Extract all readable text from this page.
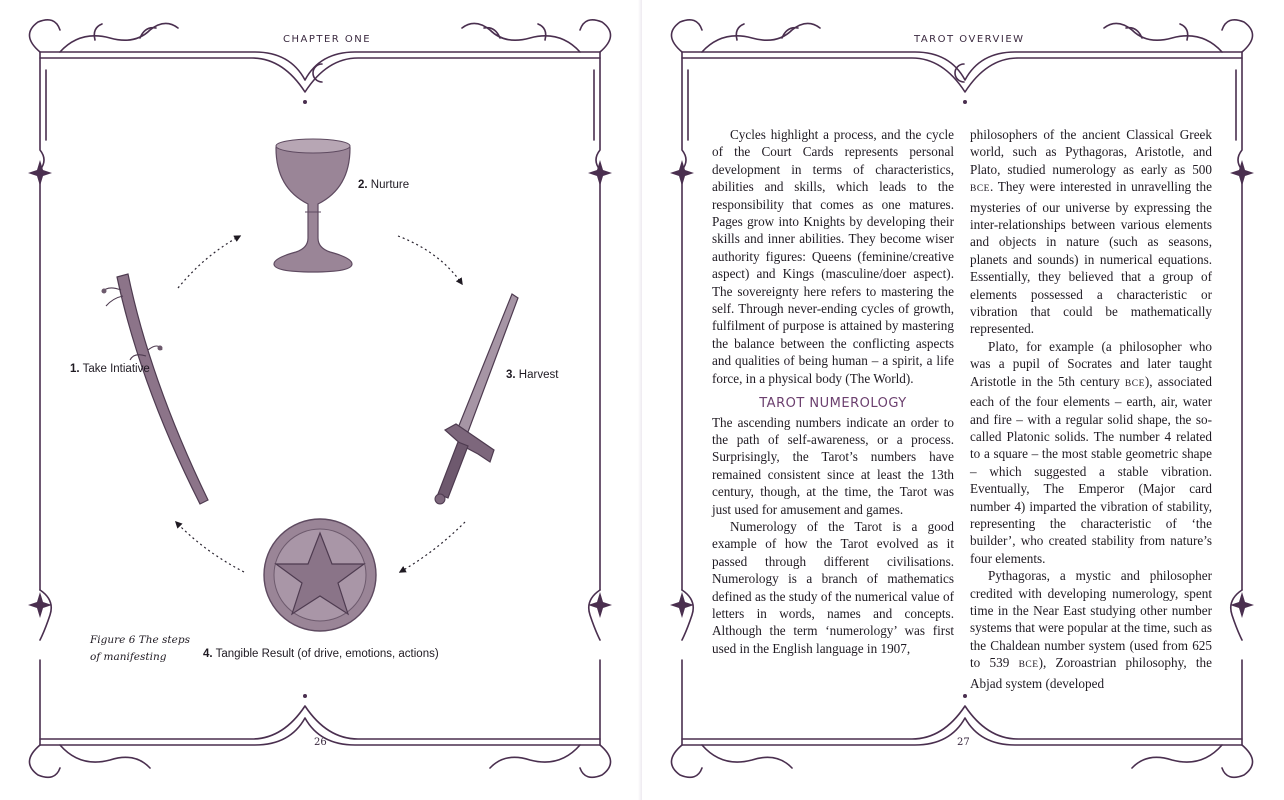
CHAPTER ONE
2. Nurture
1. Take Intiative	3. Harvest
4. Tangible Result (of drive, emotions, actions)
Figure 6 The steps
of manifesting
26
TAROT OVERVIEW

Cycles highlight a process, and the cycle of the Court Cards represents personal development in terms of characteristics, abilities and skills, which leads to the responsibility that comes as one matures. Pages grow into Knights by developing their skills and inner abilities. They become wiser authority figures: Queens (feminine/creative aspect) and Kings (masculine/doer aspect). The sovereignty here refers to mastering the self. Through never-ending cycles of growth, fulfilment of purpose is attained by mastering the balance between the conflicting aspects and qualities of being human – a spirit, a life force, in a physical body (The World).

TAROT NUMEROLOGY

The ascending numbers indicate an order to the path of self-awareness, or a process. Surprisingly, the Tarot’s numbers have remained consistent since at least the 13th century, though, at the time, the Tarot was just used for amusement and games.

Numerology of the Tarot is a good example of how the Tarot evolved as it passed through different civilisations. Numerology is a branch of mathematics defined as the study of the numerical value of letters in words, names and concepts. Although the term ‘numerology’ was first used in the English language in 1907,

philosophers of the ancient Classical Greek world, such as Pythagoras, Aristotle, and Plato, studied numerology as early as 500 BCE. They were interested in unravelling the mysteries of our universe by expressing the inter-relationships between various elements and objects in nature (such as seasons, planets and sounds) in numerical equations. Essentially, they believed that a group of elements possessed a characteristic or vibration that could be mathematically represented.

Plato, for example (a philosopher who was a pupil of Socrates and later taught Aristotle in the 5th century BCE), associated each of the four elements – earth, air, water and fire – with a regular solid shape, the so-called Platonic solids. The number 4 related to a square – the most stable geometric shape – which suggested a stable vibration. Eventually, The Emperor (Major card number 4) imparted the vibration of stability, representing the characteristic of ‘the builder’, who created stability from nature’s four elements.

Pythagoras, a mystic and philosopher credited with developing numerology, spent time in the Near East studying other number systems that were popular at the time, such as the Chaldean number system (used from 625 to 539 BCE), Zoroastrian philosophy, the Abjad system (developed

27
